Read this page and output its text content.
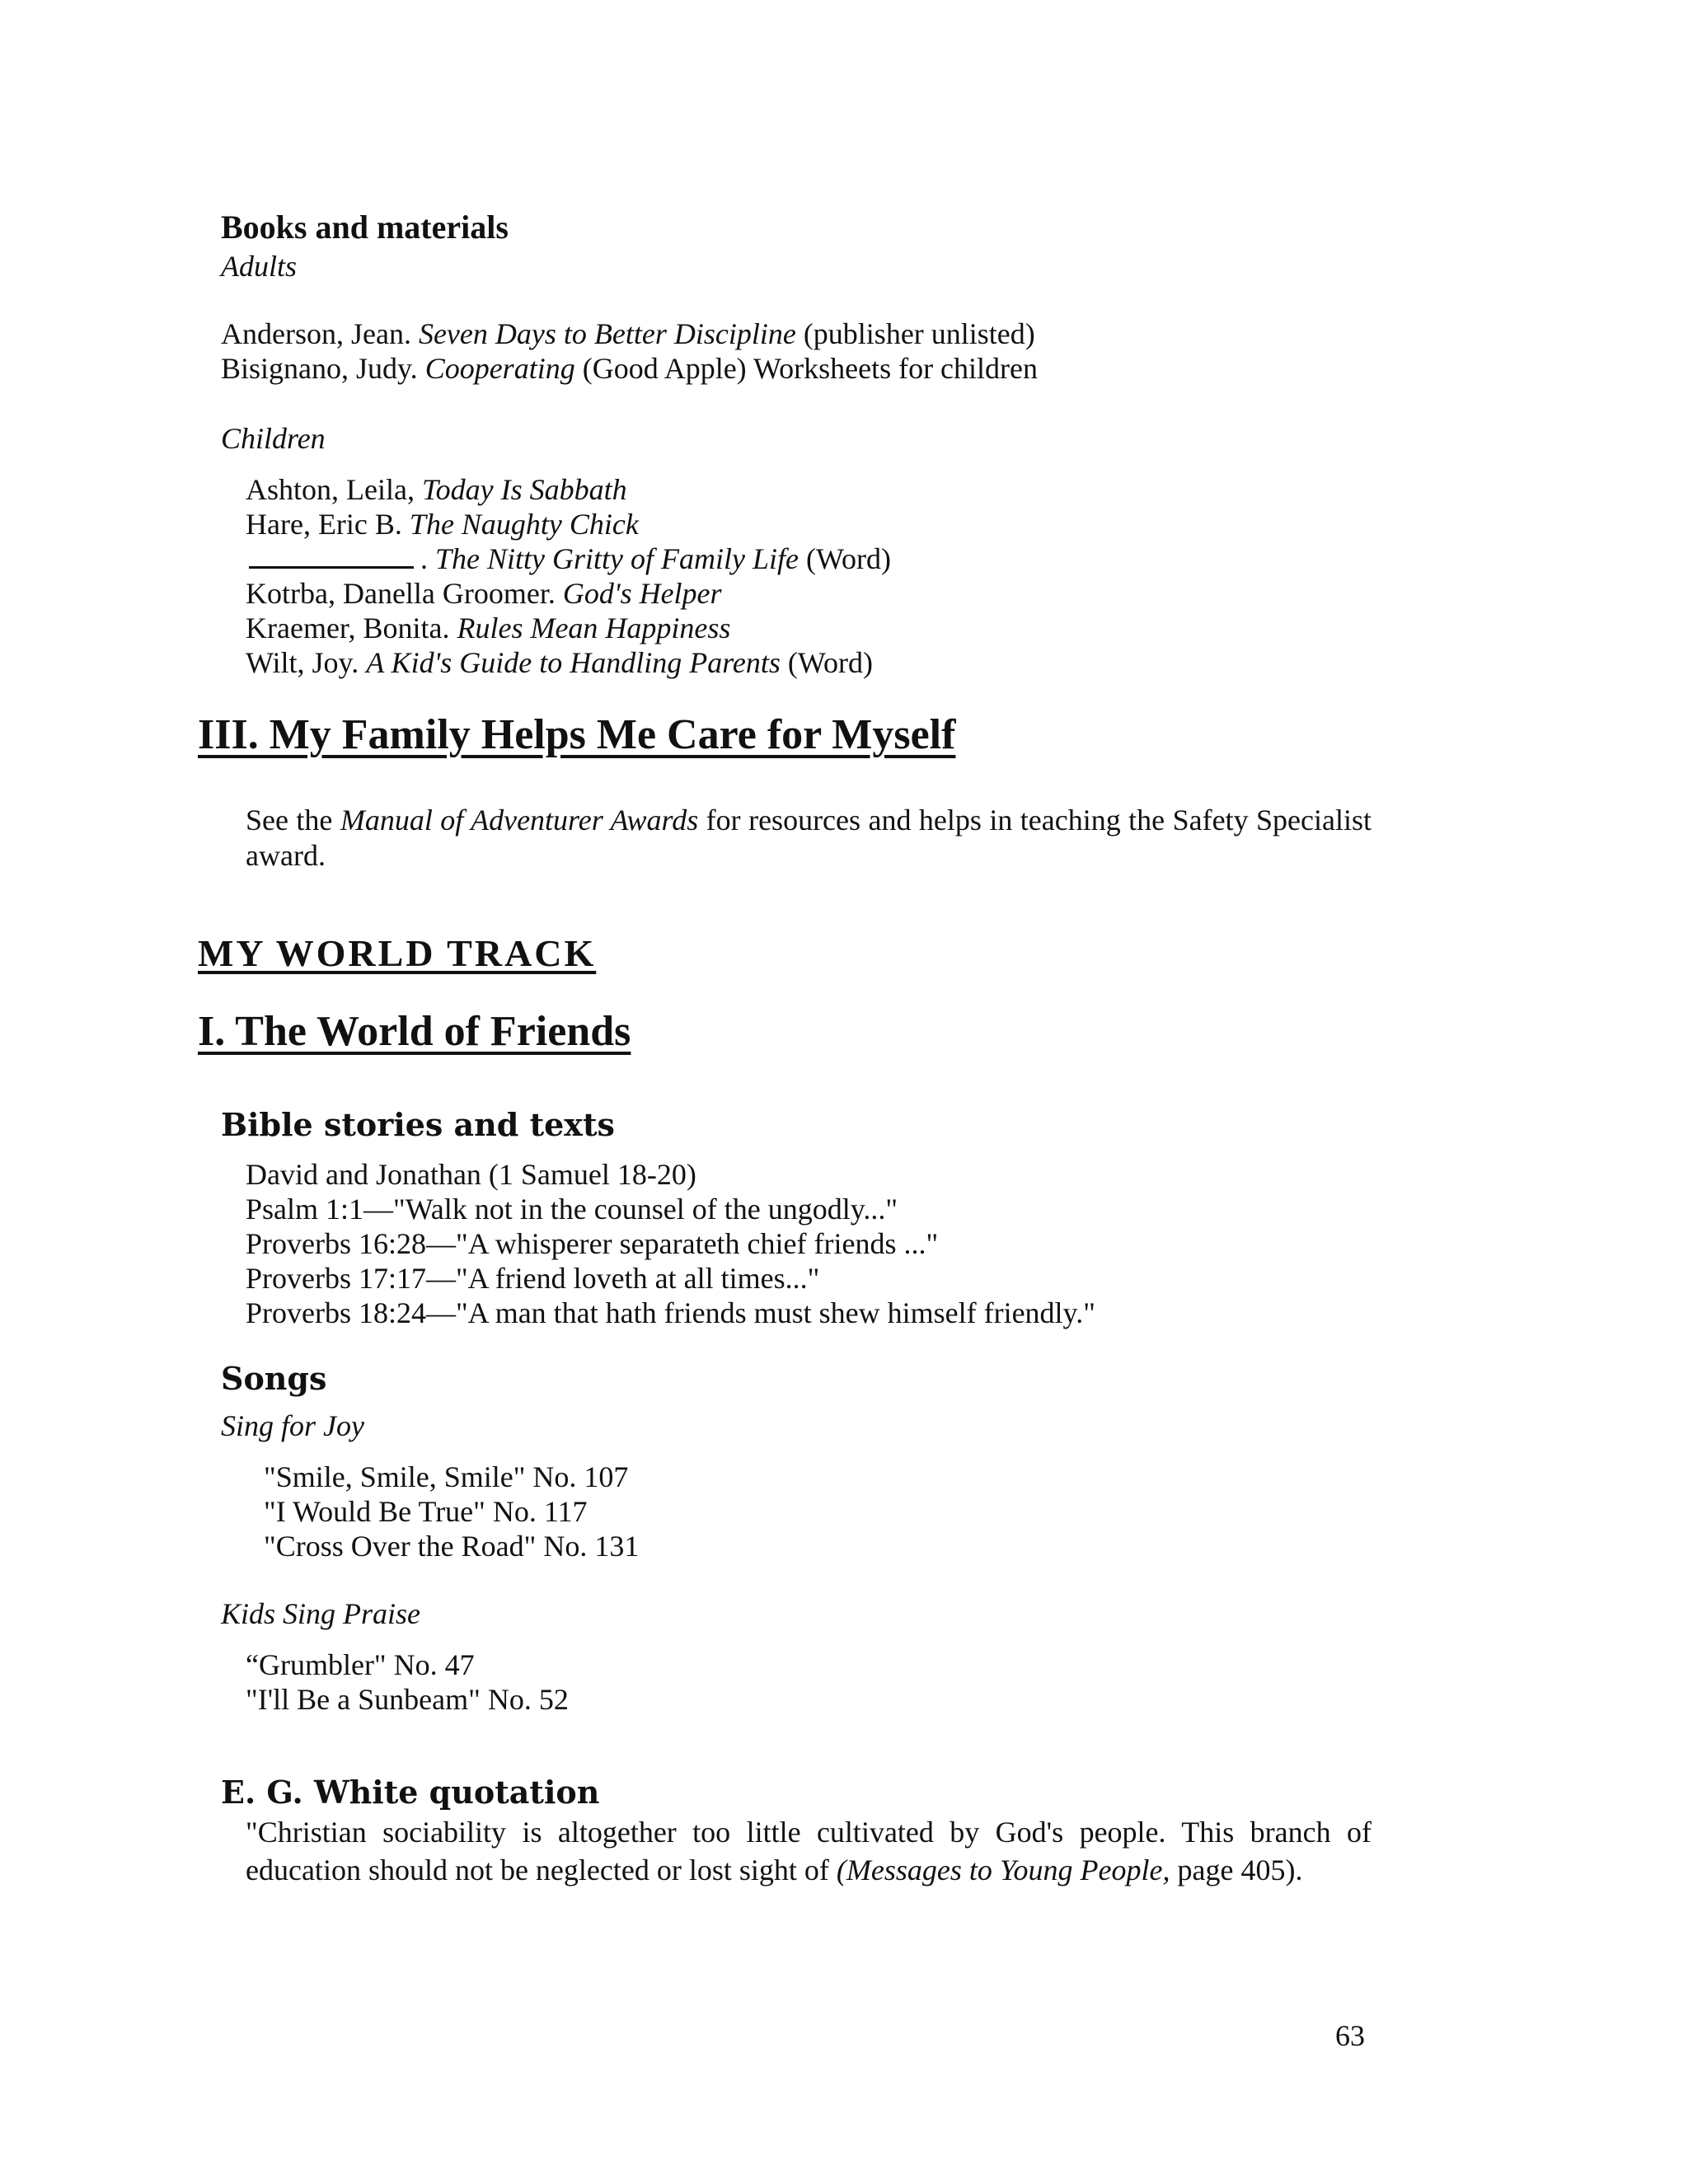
Books and materials
Adults
Anderson, Jean. Seven Days to Better Discipline (publisher unlisted)
Bisignano, Judy. Cooperating (Good Apple) Worksheets for children
Children
Ashton, Leila, Today Is Sabbath
Hare, Eric B. The Naughty Chick
. The Nitty Gritty of Family Life (Word)
Kotrba, Danella Groomer. God's Helper
Kraemer, Bonita. Rules Mean Happiness
Wilt, Joy. A Kid's Guide to Handling Parents (Word)
III. My Family Helps Me Care for Myself
See the Manual of Adventurer Awards for resources and helps in teaching the Safety Specialist award.
MY WORLD TRACK
I. The World of Friends
Bible stories and texts
David and Jonathan (1 Samuel 18-20)
Psalm 1:1—"Walk not in the counsel of the ungodly..."
Proverbs 16:28—"A whisperer separateth chief friends ..."
Proverbs 17:17—"A friend loveth at all times..."
Proverbs 18:24—"A man that hath friends must shew himself friendly."
Songs
Sing for Joy
"Smile, Smile, Smile" No. 107
"I Would Be True" No. 117
"Cross Over the Road" No. 131
Kids Sing Praise
“Grumbler" No. 47
"I'll Be a Sunbeam" No. 52
E. G. White quotation
"Christian sociability is altogether too little cultivated by God's people. This branch of education should not be neglected or lost sight of (Messages to Young People, page 405).
63
